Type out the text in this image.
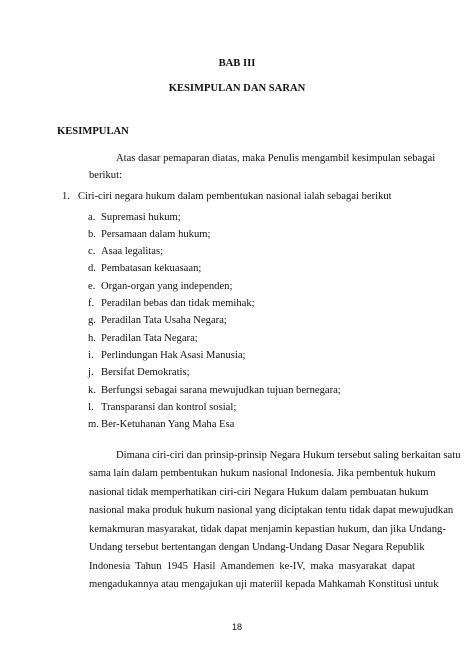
BAB III
KESIMPULAN DAN SARAN
KESIMPULAN
Atas dasar pemaparan diatas, maka Penulis mengambil kesimpulan sebagai
berikut:
1. Ciri-ciri negara hukum dalam pembentukan nasional ialah sebagai berikut
a. Supremasi hukum;
b. Persamaan dalam hukum;
c. Asaa legalitas;
d. Pembatasan kekuasaan;
e. Organ-organ yang independen;
f. Peradilan bebas dan tidak memihak;
g. Peradilan Tata Usaha Negara;
h. Peradilan Tata Negara;
i. Perlindungan Hak Asasi Manusia;
j. Bersifat Demokratis;
k. Berfungsi sebagai sarana mewujudkan tujuan bernegara;
l. Transparansi dan kontrol sosial;
m. Ber-Ketuhanan Yang Maha Esa
Dimana ciri-ciri dan prinsip-prinsip Negara Hukum tersebut saling berkaitan satu
sama lain dalam pembentukan hukum nasional Indonesia. Jika pembentuk hukum
nasional tidak memperhatikan ciri-ciri Negara Hukum dalam pembuatan hukum
nasional maka produk hukum nasional yang diciptakan tentu tidak dapat mewujudkan
kemakmuran masyarakat, tidak dapat menjamin kepastian hukum, dan jika Undang-
Undang tersebut bertentangan dengan Undang-Undang Dasar Negara Republik
Indonesia Tahun 1945 Hasil Amandemen ke-IV, maka masyarakat dapat
mengadukannya atau mengajukan uji materiil kepada Mahkamah Konstitusi untuk
18
